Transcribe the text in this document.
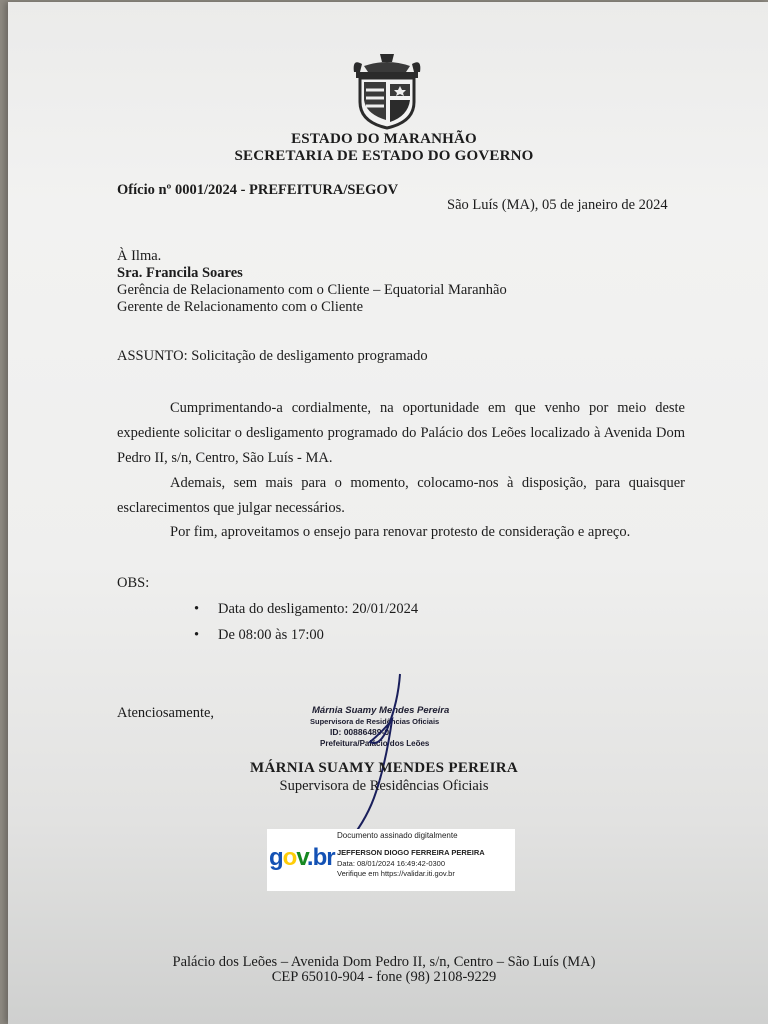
ESTADO DO MARANHÃO
SECRETARIA DE ESTADO DO GOVERNO
Ofício nº 0001/2024 - PREFEITURA/SEGOV
São Luís (MA), 05 de janeiro de 2024
À Ilma.
Sra. Francila Soares
Gerência de Relacionamento com o Cliente – Equatorial Maranhão
Gerente de Relacionamento com o Cliente
ASSUNTO: Solicitação de desligamento programado
Cumprimentando-a cordialmente, na oportunidade em que venho por meio deste expediente solicitar o desligamento programado do Palácio dos Leões localizado à Avenida Dom Pedro II, s/n, Centro, São Luís - MA.
Ademais, sem mais para o momento, colocamo-nos à disposição, para quaisquer esclarecimentos que julgar necessários.
Por fim, aproveitamos o ensejo para renovar protesto de consideração e apreço.
OBS:
• Data do desligamento: 20/01/2024
• De 08:00 às 17:00
Atenciosamente,	Márnia Suamy Mendes Pereira
Supervisora de Residências Oficiais
ID: 00886489-0
Prefeitura/Palácio dos Leões
MÁRNIA SUAMY MENDES PEREIRA
Supervisora de Residências Oficiais
gov.br
Documento assinado digitalmente
JEFFERSON DIOGO FERREIRA PEREIRA
Data: 08/01/2024 16:49:42-0300
Verifique em https://validar.iti.gov.br
Palácio dos Leões – Avenida Dom Pedro II, s/n, Centro – São Luís (MA)
CEP 65010-904 - fone (98) 2108-9229
